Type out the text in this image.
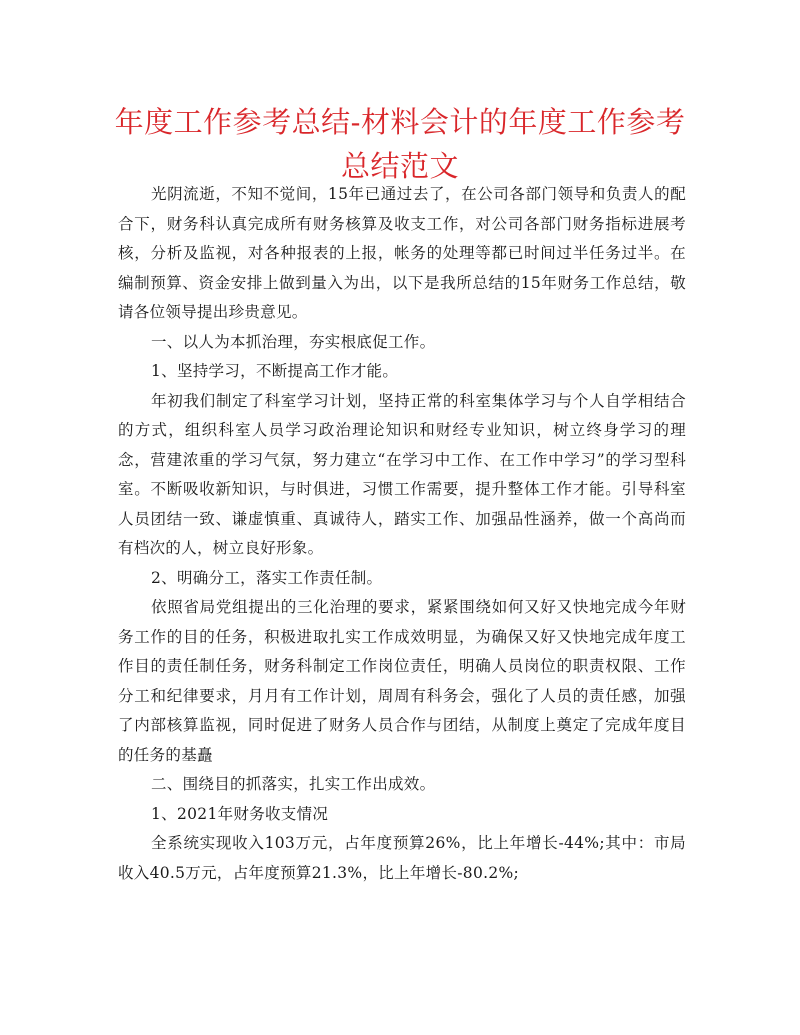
年度工作参考总结-材料会计的年度工作参考总结范文

光阴流逝，不知不觉间，15年已通过去了，在公司各部门领导和负责人的配合下，财务科认真完成所有财务核算及收支工作，对公司各部门财务指标进展考核，分析及监视，对各种报表的上报，帐务的处理等都已时间过半任务过半。在编制预算、资金安排上做到量入为出，以下是我所总结的15年财务工作总结，敬请各位领导提出珍贵意见。

一、以人为本抓治理，夯实根底促工作。

1、坚持学习，不断提高工作才能。

年初我们制定了科室学习计划，坚持正常的科室集体学习与个人自学相结合的方式，组织科室人员学习政治理论知识和财经专业知识，树立终身学习的理念，营建浓重的学习气氛，努力建立“在学习中工作、在工作中学习”的学习型科室。不断吸收新知识，与时俱进，习惯工作需要，提升整体工作才能。引导科室人员团结一致、谦虚慎重、真诚待人，踏实工作、加强品性涵养，做一个高尚而有档次的人，树立良好形象。

2、明确分工，落实工作责任制。

依照省局党组提出的三化治理的要求，紧紧围绕如何又好又快地完成今年财务工作的目的任务，积极进取扎实工作成效明显，为确保又好又快地完成年度工作目的责任制任务，财务科制定工作岗位责任，明确人员岗位的职责权限、工作分工和纪律要求，月月有工作计划，周周有科务会，强化了人员的责任感，加强了内部核算监视，同时促进了财务人员合作与团结，从制度上奠定了完成年度目的任务的基矗

二、围绕目的抓落实，扎实工作出成效。

1、2021年财务收支情况

全系统实现收入103万元，占年度预算26%，比上年增长-44%;其中：市局收入40.5万元，占年度预算21.3%，比上年增长-80.2%;
